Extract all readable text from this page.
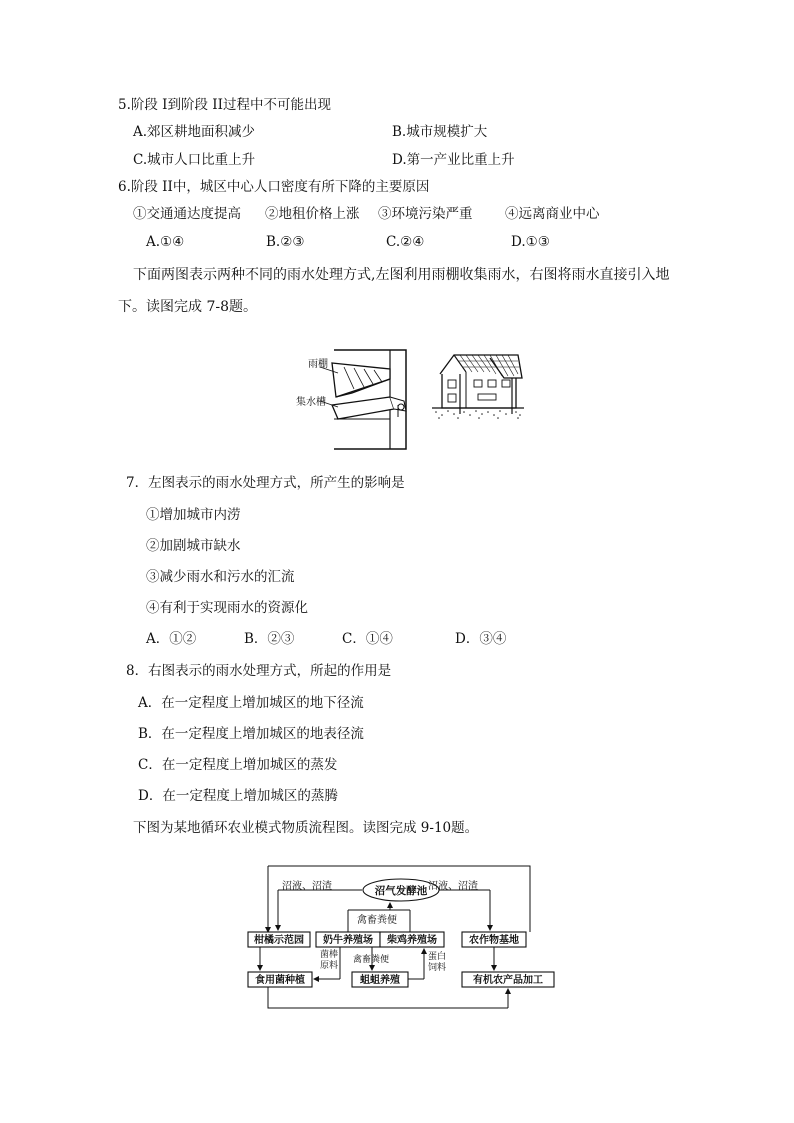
5.阶段 I到阶段 II过程中不可能出现
A.郊区耕地面积减少	B.城市规模扩大
C.城市人口比重上升	D.第一产业比重上升
6.阶段 II中，城区中心人口密度有所下降的主要原因
①交通通达度提高 ②地租价格上涨 ③环境污染严重 ④远离商业中心
A.①④	B.②③	C.②④	D.①③
下面两图表示两种不同的雨水处理方式,左图利用雨棚收集雨水，右图将雨水直接引入地
下。读图完成 7-8题。
雨棚
集水槽
7．左图表示的雨水处理方式，所产生的影响是
①增加城市内涝
②加剧城市缺水
③减少雨水和污水的汇流
④有利于实现雨水的资源化
A．①②	B．②③	C．①④	D．③④
8．右图表示的雨水处理方式，所起的作用是
A．在一定程度上增加城区的地下径流
B．在一定程度上增加城区的地表径流
C．在一定程度上增加城区的蒸发
D．在一定程度上增加城区的蒸腾
下图为某地循环农业模式物质流程图。读图完成 9-10题。
沼气发酵池
沼液、沼渣	沼液、沼渣
禽畜粪便
柑橘示范园 奶牛养殖场 柴鸡养殖场	农作物基地
食用菌种植	蛆蛆养殖	有机农产品加工
菌棒
原料
禽畜粪便	蛋白
饲料
